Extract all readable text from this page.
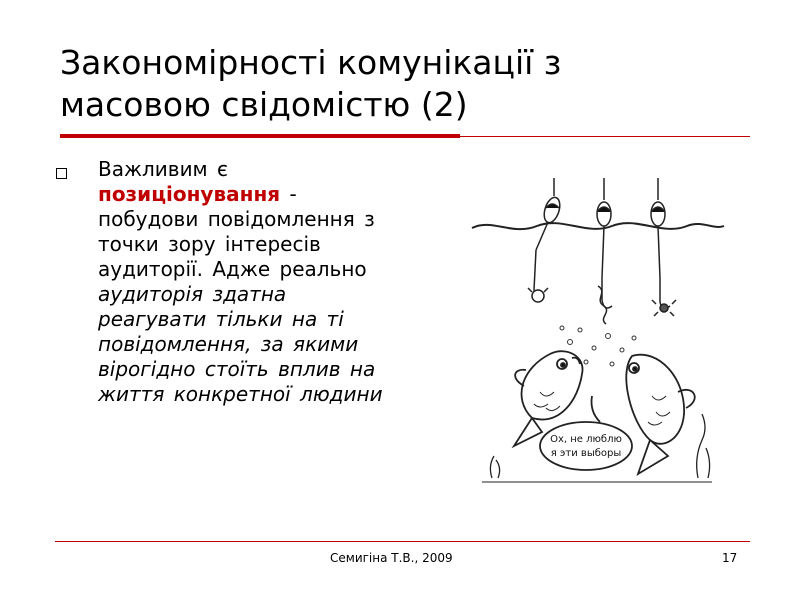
Закономірності комунікації з
масовою свідомістю (2)
Важливим є позиціонування - побудови повідомлення з точки зору інтересів аудиторії. Адже реально аудиторія здатна реагувати тільки на ті повідомлення, за якими вірогідно стоїть вплив на життя конкретної людини
Ох, не люблю
я эти выборы
Семигіна Т.В., 2009	17
